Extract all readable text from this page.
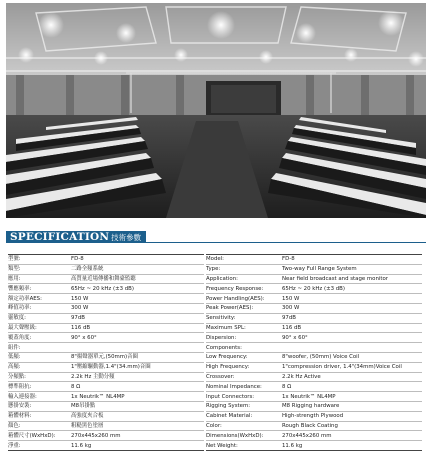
SPECIFICATION 技術參數
型號:	FD-8
類型:	二路全頻系統
應用:	高質量近場傳播和舞臺監聽
響應頻率:	65Hz ~ 20 kHz (±3 dB)
額定功率AES:	150 W
峰值功率:	300 W
靈敏度:	97dB
最大聲壓級:	116 dB
覆蓋角度:	90° x 60°
組件:
低頻:	8"揚聲器單元,(50mm)音圈
高頻:	1"壓縮驅動器,1.4"(34.mm)音圈
分頻點:	2.2k Hz 主動分頻
標準阻抗:	8 Ω
輸入連接器:	1x Neutrik™ NL4MP
懸掛安裝:	M8吊掛點
箱體材料:	高強度夾合板
顏色:	粗糙黑色塗層
箱體尺寸(WxHxD):	270x445x260 mm
淨重:	11.6 kg
Model:	FD-8
Type:	Two-way Full Range System
Application:	Near field broadcast and stage monitor
Frequency Response:	65Hz ~ 20 kHz (±3 dB)
Power Handling(AES):	150 W
Peak Power(AES):	300 W
Sensitivity:	97dB
Maximum SPL:	116 dB
Dispersion:	90° x 60°
Components:
Low Frequency:	8"woofer, (50mm) Voice Coil
High Frequency:	1"compression driver, 1.4"(34mm)Voice Coil
Crossover:	2.2k Hz Active
Nominal Impedance:	8 Ω
Input Connectors:	1x Neutrik™ NL4MP
Rigging System:	M8 Rigging hardware
Cabinet Material:	High-strength Plywood
Color:	Rough Black Coating
Dimensions(WxHxD):	270x445x260 mm
Net Weight:	11.6 kg
